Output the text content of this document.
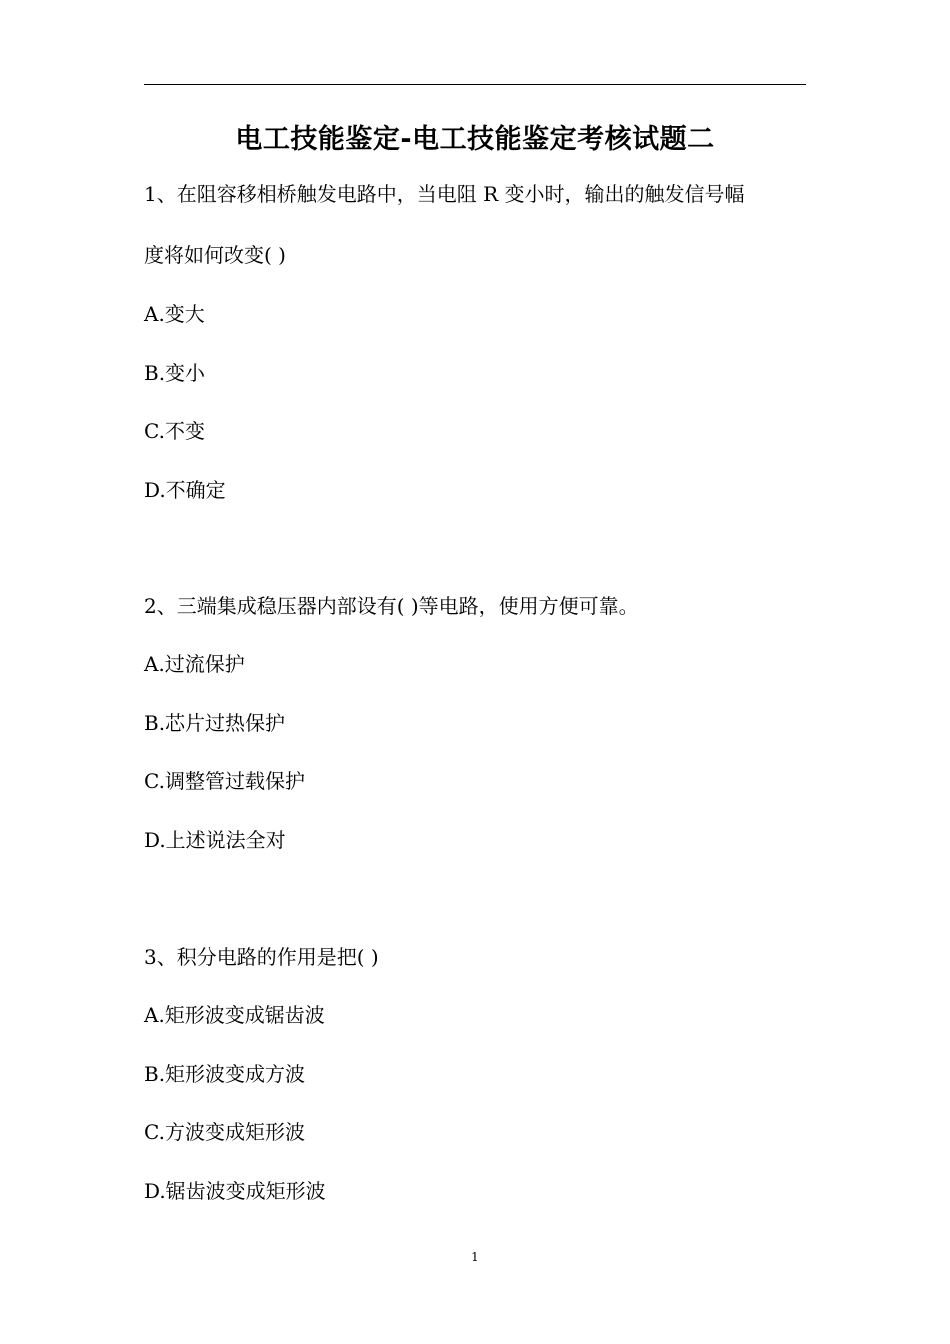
电工技能鉴定-电工技能鉴定考核试题二
1、在阻容移相桥触发电路中，当电阻 R 变小时，输出的触发信号幅
度将如何改变( )
A.变大
B.变小
C.不变
D.不确定
2、三端集成稳压器内部设有( )等电路，使用方便可靠。
A.过流保护
B.芯片过热保护
C.调整管过载保护
D.上述说法全对
3、积分电路的作用是把( )
A.矩形波变成锯齿波
B.矩形波变成方波
C.方波变成矩形波
D.锯齿波变成矩形波
1
